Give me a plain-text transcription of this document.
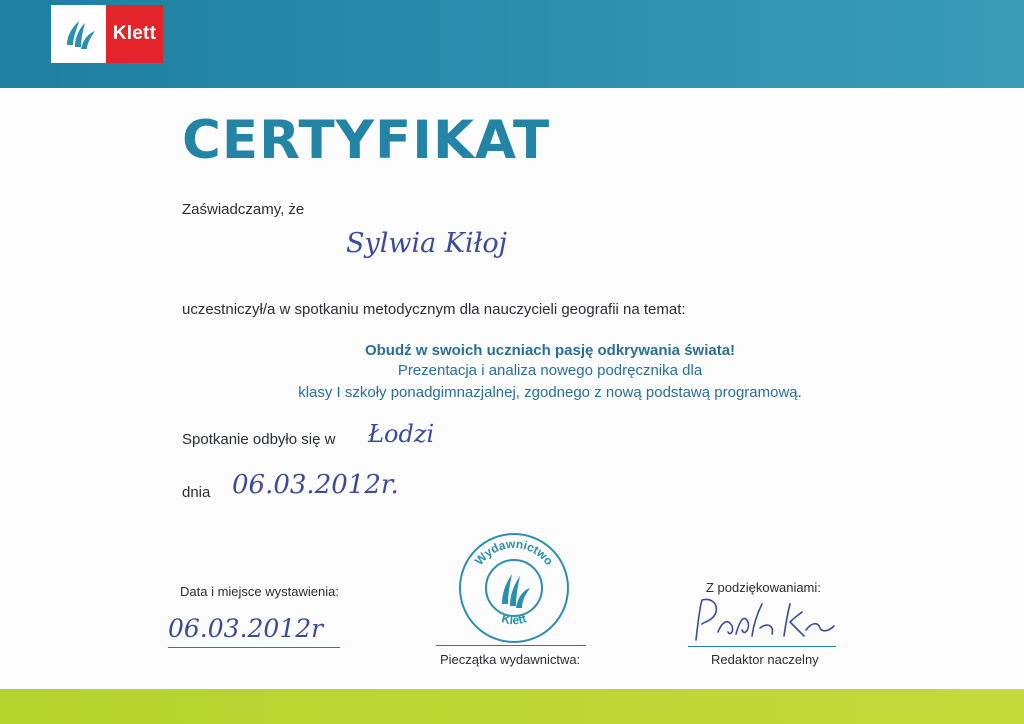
Klett
CERTYFIKAT
Zaświadczamy, że
Sylwia Kiłoj
uczestniczył/a w spotkaniu metodycznym dla nauczycieli geografii na temat:
Obudź w swoich uczniach pasję odkrywania świata!
Prezentacja i analiza nowego podręcznika dla
klasy I szkoły ponadgimnazjalnej, zgodnego z nową podstawą programową.
Spotkanie odbyło się w Łodzi
dnia 06.03.2012r.
Data i miejsce wystawienia:
06.03.2012r
Wydawnictwo
Klett
Pieczątka wydawnictwa:
Z podziękowaniami:
Redaktor naczelny
